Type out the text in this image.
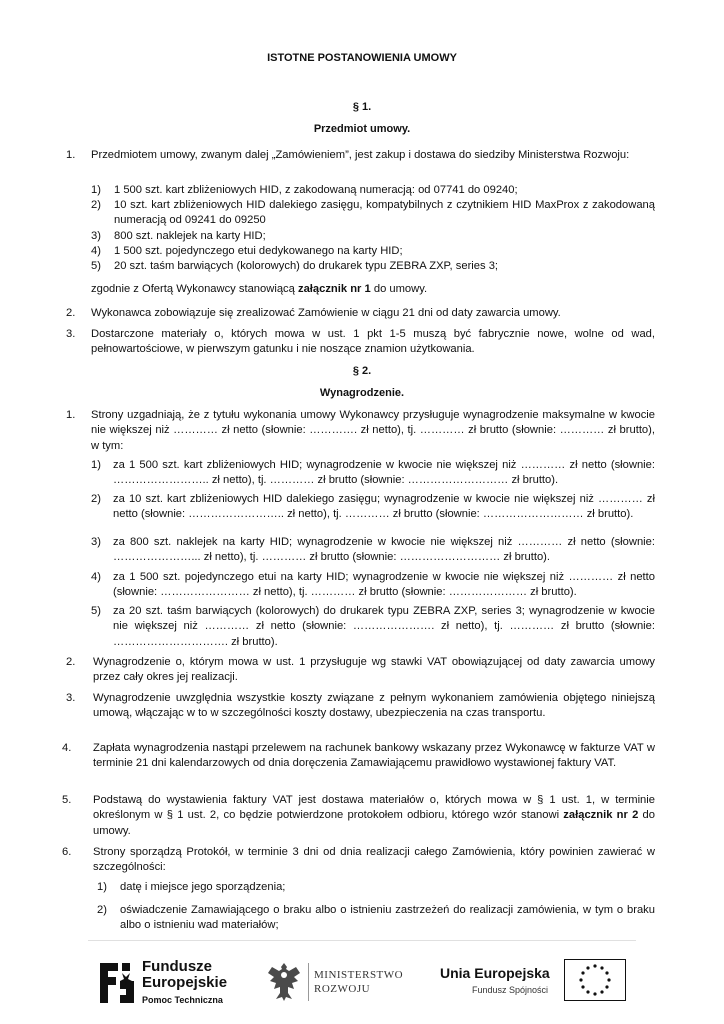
ISTOTNE POSTANOWIENIA UMOWY
§ 1.
Przedmiot umowy.
1. Przedmiotem umowy, zwanym dalej „Zamówieniem”, jest zakup i dostawa do siedziby Ministerstwa Rozwoju:
1) 1 500 szt. kart zbliżeniowych HID, z zakodowaną numeracją: od 07741 do 09240;
2) 10 szt. kart zbliżeniowych HID dalekiego zasięgu, kompatybilnych z czytnikiem HID MaxProx z zakodowaną numeracją od 09241 do 09250
3) 800 szt. naklejek na karty HID;
4) 1 500 szt. pojedynczego etui dedykowanego na karty HID;
5) 20 szt. taśm barwiących (kolorowych) do drukarek typu ZEBRA ZXP, series 3;
zgodnie z Ofertą Wykonawcy stanowiącą załącznik nr 1 do umowy.
2. Wykonawca zobowiązuje się zrealizować Zamówienie w ciągu 21 dni od daty zawarcia umowy.
3. Dostarczone materiały o, których mowa w ust. 1 pkt 1-5 muszą być fabrycznie nowe, wolne od wad, pełnowartościowe, w pierwszym gatunku i nie noszące znamion użytkowania.
§ 2.
Wynagrodzenie.
1. Strony uzgadniają, że z tytułu wykonania umowy Wykonawcy przysługuje wynagrodzenie maksymalne w kwocie nie większej niż ………… zł netto (słownie: …………. zł netto), tj. ………… zł brutto (słownie: ………… zł brutto), w tym:
1) za 1 500 szt. kart zbliżeniowych HID; wynagrodzenie w kwocie nie większej niż ………… zł netto (słownie: …………………….. zł netto), tj. ………… zł brutto (słownie: ……………………… zł brutto).
2) za 10 szt. kart zbliżeniowych HID dalekiego zasięgu; wynagrodzenie w kwocie nie większej niż ………… zł netto (słownie: …………………….. zł netto), tj. ………… zł brutto (słownie: ……………………… zł brutto).
3) za 800 szt. naklejek na karty HID; wynagrodzenie w kwocie nie większej niż ………… zł netto (słownie: …………………... zł netto), tj. ………… zł brutto (słownie: ……………………… zł brutto).
4) za 1 500 szt. pojedynczego etui na karty HID; wynagrodzenie w kwocie nie większej niż ………… zł netto (słownie: …………………… zł netto), tj. ………… zł brutto (słownie: ………………… zł brutto).
5) za 20 szt. taśm barwiących (kolorowych) do drukarek typu ZEBRA ZXP, series 3; wynagrodzenie w kwocie nie większej niż ………… zł netto (słownie: …………………. zł netto), tj. ………… zł brutto (słownie: …………………………. zł brutto).
2. Wynagrodzenie o, którym mowa w ust. 1 przysługuje wg stawki VAT obowiązującej od daty zawarcia umowy przez cały okres jej realizacji.
3. Wynagrodzenie uwzględnia wszystkie koszty związane z pełnym wykonaniem zamówienia objętego niniejszą umową, włączając w to w szczególności koszty dostawy, ubezpieczenia na czas transportu.
4. Zapłata wynagrodzenia nastąpi przelewem na rachunek bankowy wskazany przez Wykonawcę w fakturze VAT w terminie 21 dni kalendarzowych od dnia doręczenia Zamawiającemu prawidłowo wystawionej faktury VAT.
5. Podstawą do wystawienia faktury VAT jest dostawa materiałów o, których mowa w § 1 ust. 1, w terminie określonym w § 1 ust. 2, co będzie potwierdzone protokołem odbioru, którego wzór stanowi załącznik nr 2 do umowy.
6. Strony sporządzą Protokół, w terminie 3 dni od dnia realizacji całego Zamówienia, który powinien zawierać w szczególności:
1) datę i miejsce jego sporządzenia;
2) oświadczenie Zamawiającego o braku albo o istnieniu zastrzeżeń do realizacji zamówienia, w tym o braku albo o istnieniu wad materiałów;
Fundusze
Europejskie
Pomoc Techniczna
MINISTERSTWO
ROZWOJU
Unia Europejska
Fundusz Spójności
